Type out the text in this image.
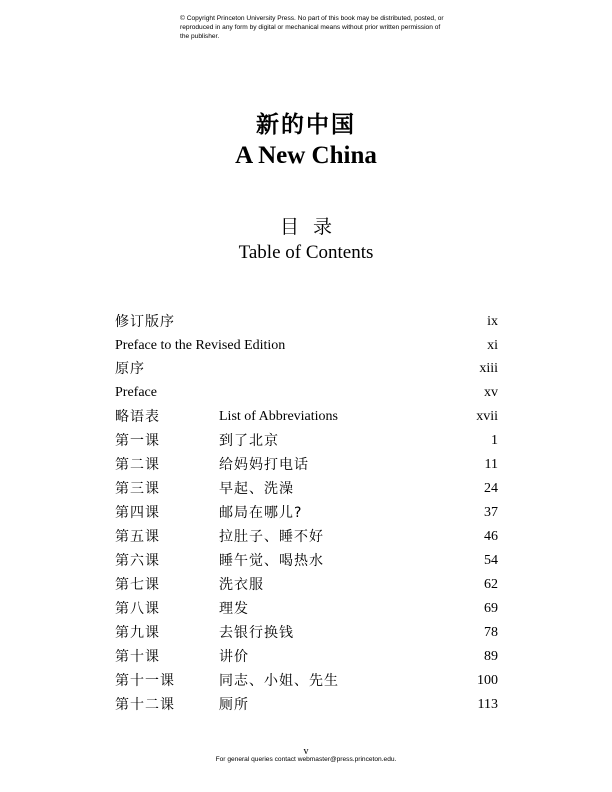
© Copyright Princeton University Press. No part of this book may be distributed, posted, or reproduced in any form by digital or mechanical means without prior written permission of the publisher.
新的中国
A New China
目录
Table of Contents
修订版序	ix
Preface to the Revised Edition	xi
原序	xiii
Preface	xv
略语表	List of Abbreviations	xvii
第一课	到了北京	1
第二课	给妈妈打电话	11
第三课	早起、洗澡	24
第四课	邮局在哪儿?	37
第五课	拉肚子、睡不好	46
第六课	睡午觉、喝热水	54
第七课	洗衣服	62
第八课	理发	69
第九课	去银行换钱	78
第十课	讲价	89
第十一课	同志、小姐、先生	100
第十二课	厕所	113
v
For general queries contact webmaster@press.princeton.edu.
